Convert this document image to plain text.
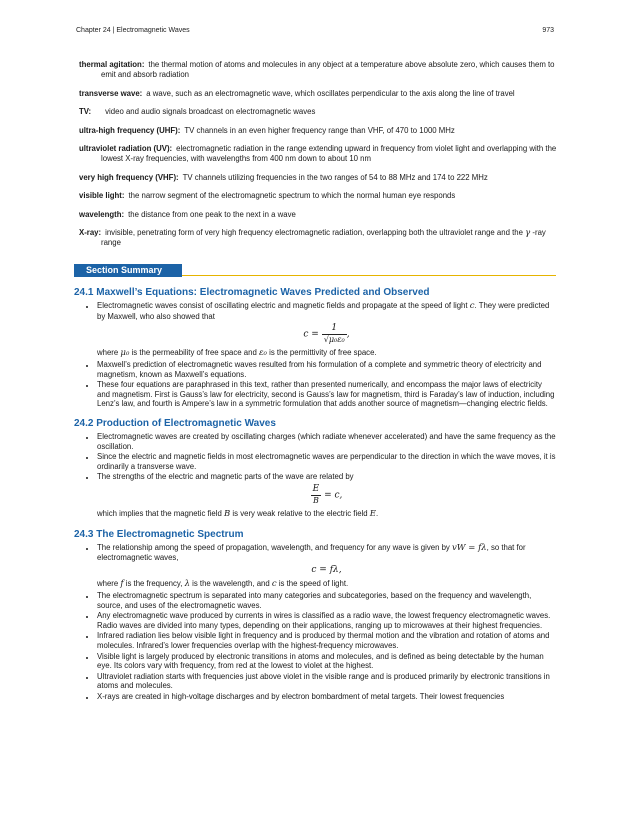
Chapter 24 | Electromagnetic Waves	973
thermal agitation: the thermal motion of atoms and molecules in any object at a temperature above absolute zero, which causes them to emit and absorb radiation
transverse wave: a wave, such as an electromagnetic wave, which oscillates perpendicular to the axis along the line of travel
TV: video and audio signals broadcast on electromagnetic waves
ultra-high frequency (UHF): TV channels in an even higher frequency range than VHF, of 470 to 1000 MHz
ultraviolet radiation (UV): electromagnetic radiation in the range extending upward in frequency from violet light and overlapping with the lowest X-ray frequencies, with wavelengths from 400 nm down to about 10 nm
very high frequency (VHF): TV channels utilizing frequencies in the two ranges of 54 to 88 MHz and 174 to 222 MHz
visible light: the narrow segment of the electromagnetic spectrum to which the normal human eye responds
wavelength: the distance from one peak to the next in a wave
X-ray: invisible, penetrating form of very high frequency electromagnetic radiation, overlapping both the ultraviolet range and the γ -ray range
Section Summary
24.1 Maxwell’s Equations: Electromagnetic Waves Predicted and Observed
• Electromagnetic waves consist of oscillating electric and magnetic fields and propagate at the speed of light c. They were predicted by Maxwell, who also showed that
$c = \frac{1}{\text{√μ₀ε₀}}$ ,
where μ₀ is the permeability of free space and ε₀ is the permittivity of free space.
• Maxwell’s prediction of electromagnetic waves resulted from his formulation of a complete and symmetric theory of electricity and magnetism, known as Maxwell’s equations.
• These four equations are paraphrased in this text, rather than presented numerically, and encompass the major laws of electricity and magnetism. First is Gauss’s law for electricity, second is Gauss’s law for magnetism, third is Faraday’s law of induction, including Lenz’s law, and fourth is Ampere’s law in a symmetric formulation that adds another source of magnetism—changing electric fields.
24.2 Production of Electromagnetic Waves
• Electromagnetic waves are created by oscillating charges (which radiate whenever accelerated) and have the same frequency as the oscillation.
• Since the electric and magnetic fields in most electromagnetic waves are perpendicular to the direction in which the wave moves, it is ordinarily a transverse wave.
• The strengths of the electric and magnetic parts of the wave are related by
$\frac{E}{B} = c$,
which implies that the magnetic field B is very weak relative to the electric field E.
24.3 The Electromagnetic Spectrum
• The relationship among the speed of propagation, wavelength, and frequency for any wave is given by vW = fλ, so that for electromagnetic waves,
c = fλ,
where f is the frequency, λ is the wavelength, and c is the speed of light.
• The electromagnetic spectrum is separated into many categories and subcategories, based on the frequency and wavelength, source, and uses of the electromagnetic waves.
• Any electromagnetic wave produced by currents in wires is classified as a radio wave, the lowest frequency electromagnetic waves. Radio waves are divided into many types, depending on their applications, ranging up to microwaves at their highest frequencies.
• Infrared radiation lies below visible light in frequency and is produced by thermal motion and the vibration and rotation of atoms and molecules. Infrared’s lower frequencies overlap with the highest-frequency microwaves.
• Visible light is largely produced by electronic transitions in atoms and molecules, and is defined as being detectable by the human eye. Its colors vary with frequency, from red at the lowest to violet at the highest.
• Ultraviolet radiation starts with frequencies just above violet in the visible range and is produced primarily by electronic transitions in atoms and molecules.
• X-rays are created in high-voltage discharges and by electron bombardment of metal targets. Their lowest frequencies
